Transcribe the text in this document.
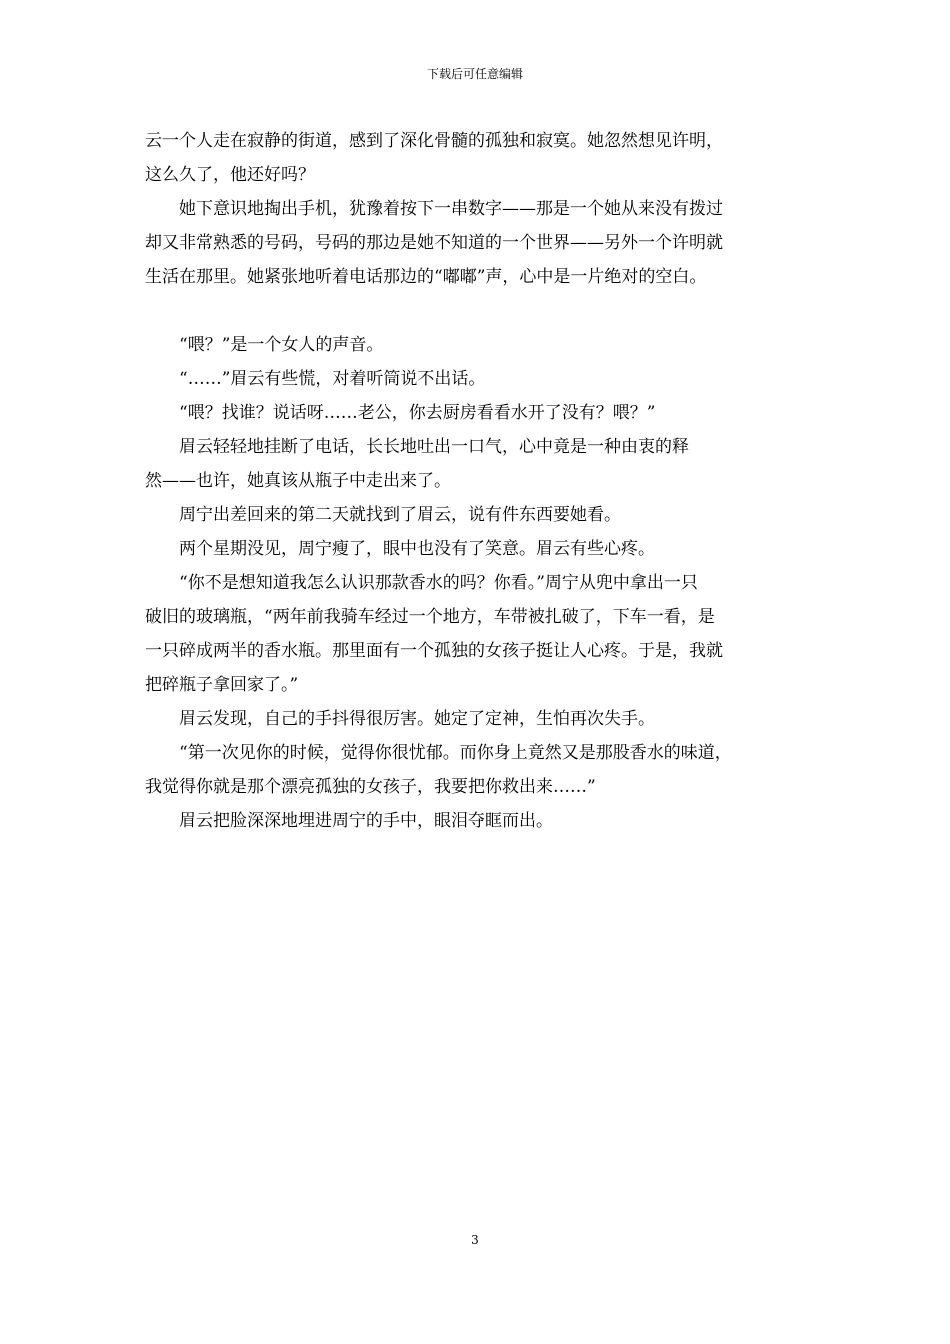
下载后可任意编辑

云一个人走在寂静的街道，感到了深化骨髓的孤独和寂寞。她忽然想见许明，
这么久了，他还好吗？

　　她下意识地掏出手机，犹豫着按下一串数字——那是一个她从来没有拨过
却又非常熟悉的号码，号码的那边是她不知道的一个世界——另外一个许明就
生活在那里。她紧张地听着电话那边的“嘟嘟”声，心中是一片绝对的空白。

　　“喂？”是一个女人的声音。

　　“……”眉云有些慌，对着听筒说不出话。

　　“喂？找谁？说话呀……老公，你去厨房看看水开了没有？喂？”

　　眉云轻轻地挂断了电话，长长地吐出一口气，心中竟是一种由衷的释
然——也许，她真该从瓶子中走出来了。

　　周宁出差回来的第二天就找到了眉云，说有件东西要她看。

　　两个星期没见，周宁瘦了，眼中也没有了笑意。眉云有些心疼。

　　“你不是想知道我怎么认识那款香水的吗？你看。”周宁从兜中拿出一只
破旧的玻璃瓶，“两年前我骑车经过一个地方，车带被扎破了，下车一看，是
一只碎成两半的香水瓶。那里面有一个孤独的女孩子挺让人心疼。于是，我就
把碎瓶子拿回家了。”

　　眉云发现，自己的手抖得很厉害。她定了定神，生怕再次失手。

　　“第一次见你的时候，觉得你很忧郁。而你身上竟然又是那股香水的味道，
我觉得你就是那个漂亮孤独的女孩子，我要把你救出来……”

　　眉云把脸深深地埋进周宁的手中，眼泪夺眶而出。

3
